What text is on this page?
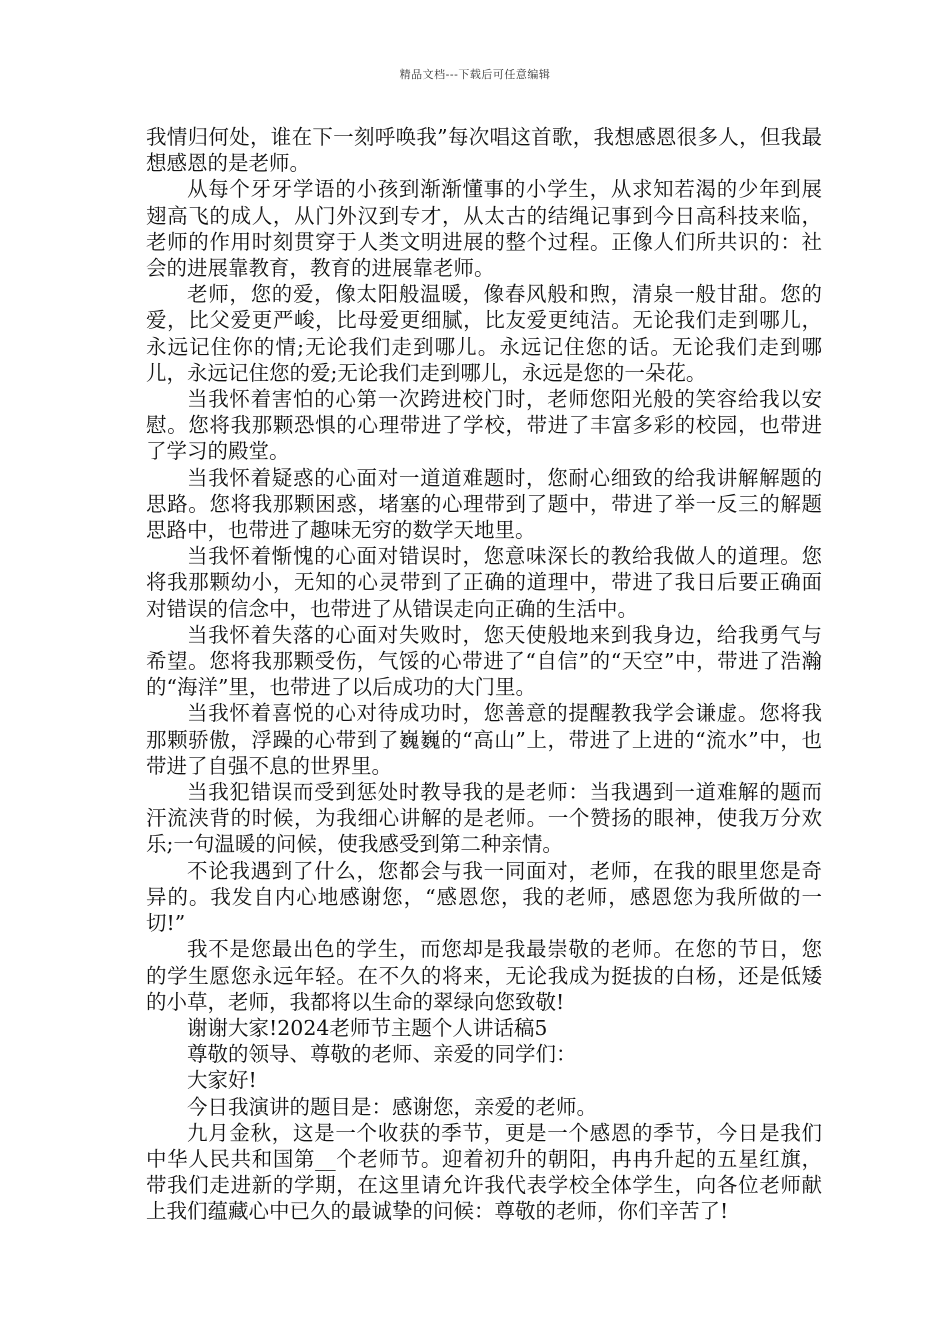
精品文档---下载后可任意编辑

我情归何处，谁在下一刻呼唤我”每次唱这首歌，我想感恩很多人，但我最想感恩的是老师。

从每个牙牙学语的小孩到渐渐懂事的小学生，从求知若渴的少年到展翅高飞的成人，从门外汉到专才，从太古的结绳记事到今日高科技来临，老师的作用时刻贯穿于人类文明进展的整个过程。正像人们所共识的：社会的进展靠教育，教育的进展靠老师。

老师，您的爱，像太阳般温暖，像春风般和煦，清泉一般甘甜。您的爱，比父爱更严峻，比母爱更细腻，比友爱更纯洁。无论我们走到哪儿，永远记住你的情;无论我们走到哪儿。永远记住您的话。无论我们走到哪儿，永远记住您的爱;无论我们走到哪儿，永远是您的一朵花。

当我怀着害怕的心第一次跨进校门时，老师您阳光般的笑容给我以安慰。您将我那颗恐惧的心理带进了学校，带进了丰富多彩的校园，也带进了学习的殿堂。

当我怀着疑惑的心面对一道道难题时，您耐心细致的给我讲解解题的思路。您将我那颗困惑，堵塞的心理带到了题中，带进了举一反三的解题思路中，也带进了趣味无穷的数学天地里。

当我怀着惭愧的心面对错误时，您意味深长的教给我做人的道理。您将我那颗幼小，无知的心灵带到了正确的道理中，带进了我日后要正确面对错误的信念中，也带进了从错误走向正确的生活中。

当我怀着失落的心面对失败时，您天使般地来到我身边，给我勇气与希望。您将我那颗受伤，气馁的心带进了“自信”的“天空”中，带进了浩瀚的“海洋”里，也带进了以后成功的大门里。

当我怀着喜悦的心对待成功时，您善意的提醒教我学会谦虚。您将我那颗骄傲，浮躁的心带到了巍巍的“高山”上，带进了上进的“流水”中，也带进了自强不息的世界里。

当我犯错误而受到惩处时教导我的是老师：当我遇到一道难解的题而汗流浃背的时候，为我细心讲解的是老师。一个赞扬的眼神，使我万分欢乐;一句温暖的问候，使我感受到第二种亲情。

不论我遇到了什么，您都会与我一同面对，老师，在我的眼里您是奇异的。我发自内心地感谢您，“感恩您，我的老师，感恩您为我所做的一切!”

我不是您最出色的学生，而您却是我最崇敬的老师。在您的节日，您的学生愿您永远年轻。在不久的将来，无论我成为挺拔的白杨，还是低矮的小草，老师，我都将以生命的翠绿向您致敬!

谢谢大家!2024老师节主题个人讲话稿5

尊敬的领导、尊敬的老师、亲爱的同学们：

大家好!

今日我演讲的题目是：感谢您，亲爱的老师。

九月金秋，这是一个收获的季节，更是一个感恩的季节，今日是我们中华人民共和国第__个老师节。迎着初升的朝阳，冉冉升起的五星红旗，带我们走进新的学期，在这里请允许我代表学校全体学生，向各位老师献上我们蕴藏心中已久的最诚挚的问候：尊敬的老师，你们辛苦了!
